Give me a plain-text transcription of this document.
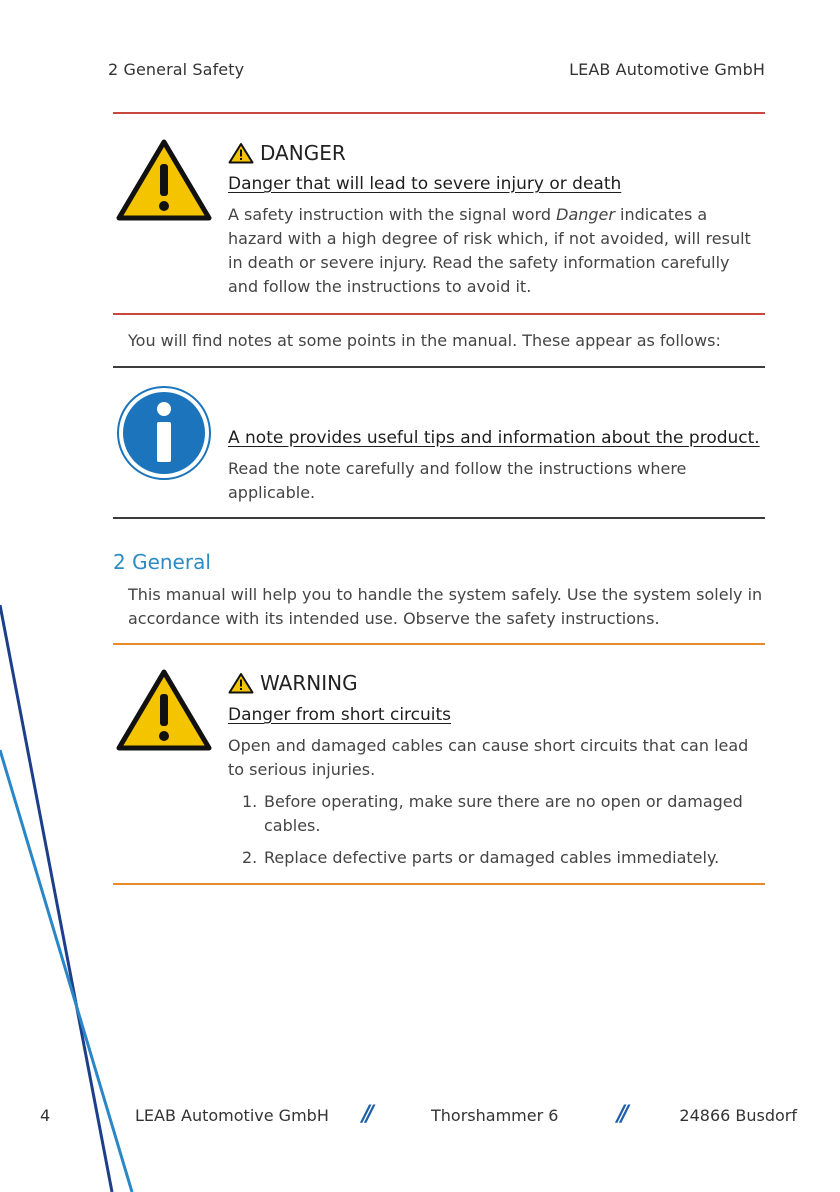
2 General Safety	LEAB Automotive GmbH
DANGER
Danger that will lead to severe injury or death
A safety instruction with the signal word Danger indicates a hazard with a high degree of risk which, if not avoided, will result in death or severe injury. Read the safety information carefully and follow the instructions to avoid it.
You will find notes at some points in the manual. These appear as follows:
A note provides useful tips and information about the product.
Read the note carefully and follow the instructions where applicable.
2 General
This manual will help you to handle the system safely. Use the system solely in accordance with its intended use. Observe the safety instructions.
WARNING
Danger from short circuits
Open and damaged cables can cause short circuits that can lead to serious injuries.
1. Before operating, make sure there are no open or damaged cables.
2. Replace defective parts or damaged cables immediately.
4	LEAB Automotive GmbH //	Thorshammer 6	//	24866 Busdorf
